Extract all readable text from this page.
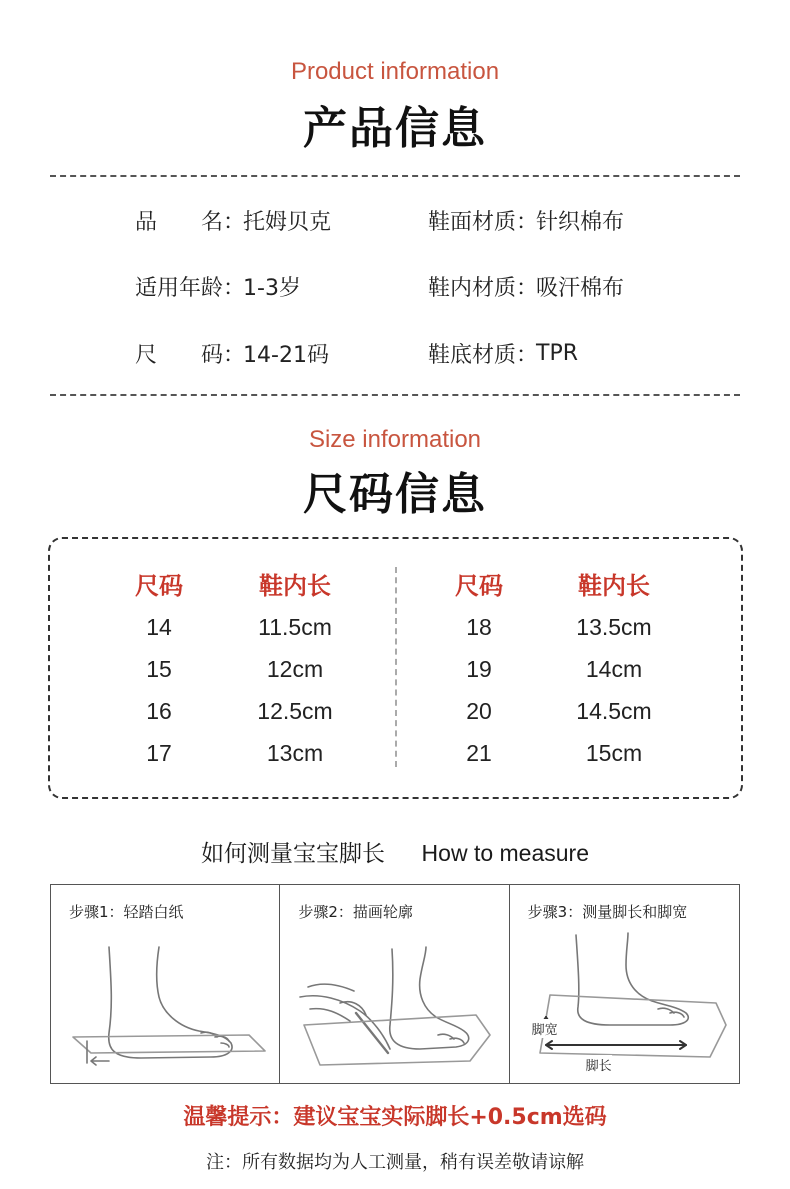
Product information
产品信息
品　　名 ：
托姆贝克	鞋面材质 ：
针织棉布
适用年龄 ：
1-3岁	鞋内材质 ：
吸汗棉布
尺　　码 ：
14-21码	鞋底材质 ：
TPR
Size information
尺码信息
尺码	鞋内长	尺码	鞋内长
14	11.5cm
15	12cm
16	12.5cm
17	13cm
18	13.5cm
19	14cm
20	14.5cm
21	15cm
如何测量宝宝脚长 How to measure
步骤1：轻踏白纸	步骤2：描画轮廓	步骤3：测量脚长和脚宽
脚宽
脚长
温馨提示：建议宝宝实际脚长+0.5cm选码
注：所有数据均为人工测量，稍有误差敬请谅解
